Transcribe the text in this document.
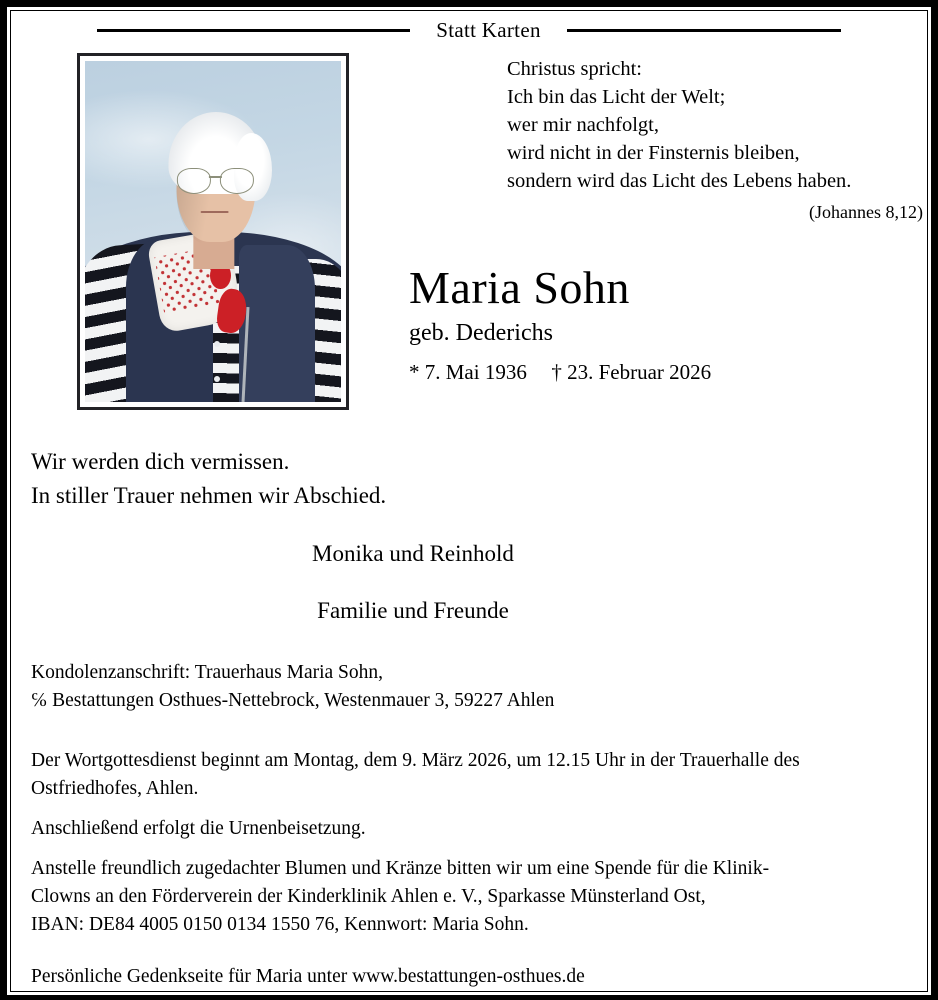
Statt Karten
Christus spricht:
Ich bin das Licht der Welt;
wer mir nachfolgt,
wird nicht in der Finsternis bleiben,
sondern wird das Licht des Lebens haben.
(Johannes 8,12)
Maria Sohn
geb. Dederichs
* 7. Mai 1936 † 23. Februar 2026
Wir werden dich vermissen.
In stiller Trauer nehmen wir Abschied.
Monika und Reinhold
Familie und Freunde
Kondolenzanschrift: Trauerhaus Maria Sohn,
℅ Bestattungen Osthues-Nettebrock, Westenmauer 3, 59227 Ahlen
Der Wortgottesdienst beginnt am Montag, dem 9. März 2026, um 12.15 Uhr in der Trauerhalle des Ostfriedhofes, Ahlen.
Anschließend erfolgt die Urnenbeisetzung.
Anstelle freundlich zugedachter Blumen und Kränze bitten wir um eine Spende für die Klinik-
Clowns an den Förderverein der Kinderklinik Ahlen e. V., Sparkasse Münsterland Ost,
IBAN: DE84 4005 0150 0134 1550 76, Kennwort: Maria Sohn.
Persönliche Gedenkseite für Maria unter www.bestattungen-osthues.de
